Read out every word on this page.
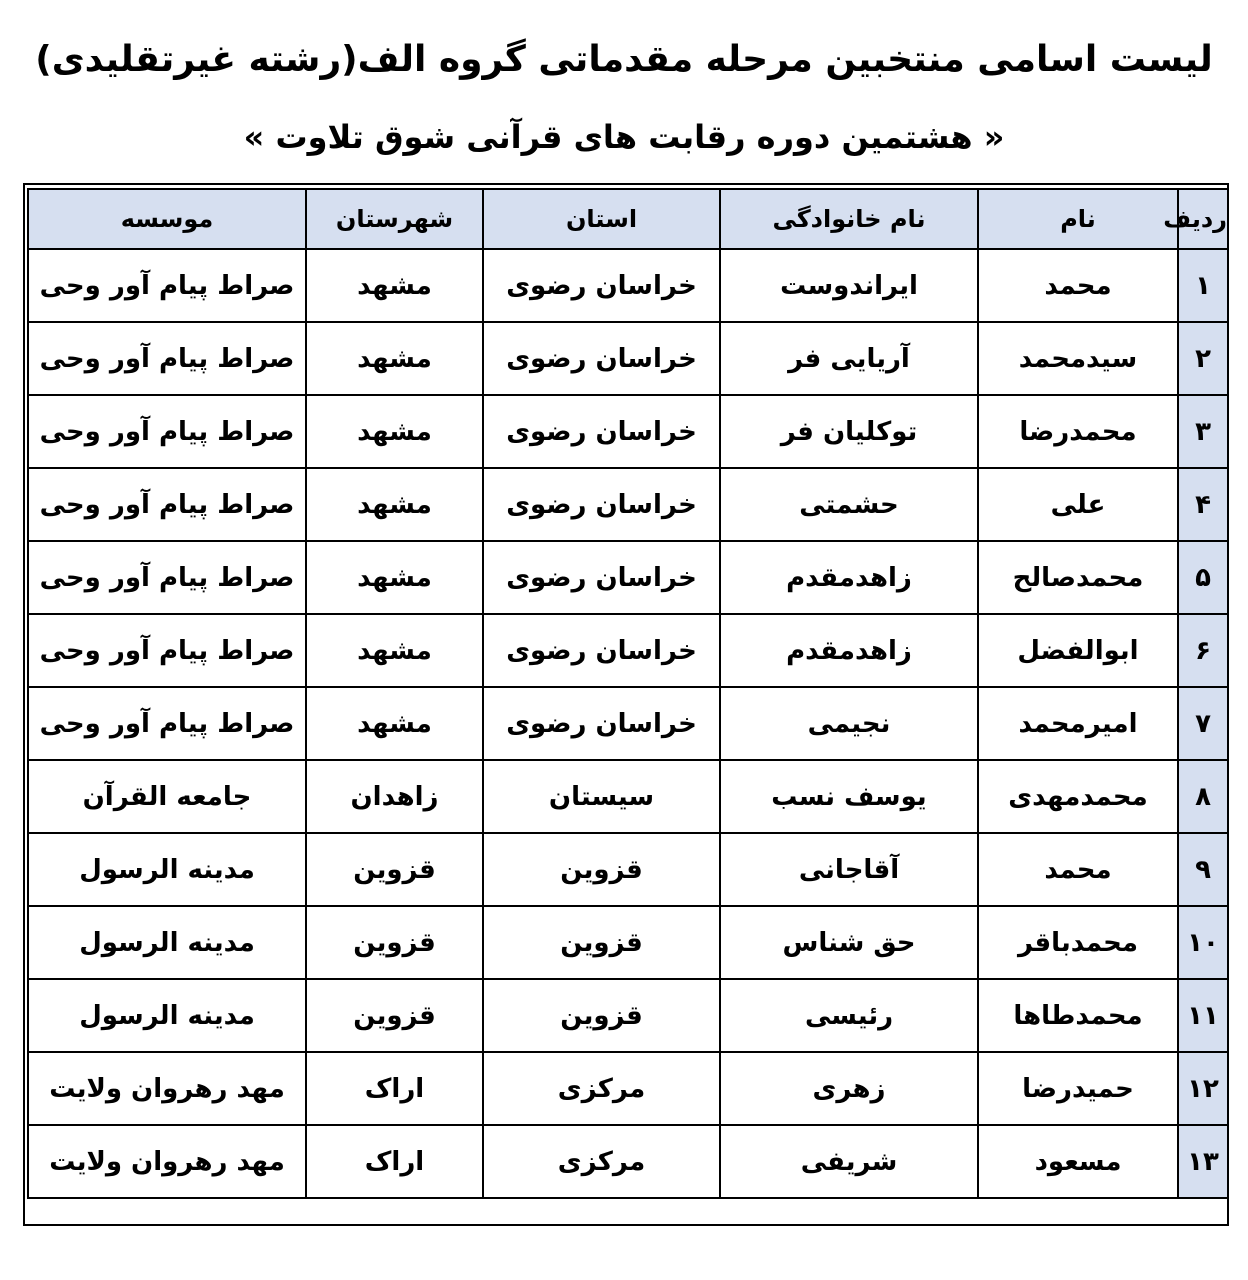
لیست اسامی منتخبین مرحله مقدماتی گروه الف(رشته غیرتقلیدی)
« هشتمین دوره رقابت های قرآنی شوق تلاوت »
ردیف	نام	نام خانوادگی	استان	شهرستان	موسسه
۱	محمد	ایراندوست	خراسان رضوی	مشهد	صراط پیام آور وحی
۲	سیدمحمد	آریایی فر	خراسان رضوی	مشهد	صراط پیام آور وحی
۳	محمدرضا	توکلیان فر	خراسان رضوی	مشهد	صراط پیام آور وحی
۴	علی	حشمتی	خراسان رضوی	مشهد	صراط پیام آور وحی
۵	محمدصالح	زاهدمقدم	خراسان رضوی	مشهد	صراط پیام آور وحی
۶	ابوالفضل	زاهدمقدم	خراسان رضوی	مشهد	صراط پیام آور وحی
۷	امیرمحمد	نجیمی	خراسان رضوی	مشهد	صراط پیام آور وحی
۸	محمدمهدی	یوسف نسب	سیستان	زاهدان	جامعه القرآن
۹	محمد	آقاجانی	قزوین	قزوین	مدینه الرسول
۱۰	محمدباقر	حق شناس	قزوین	قزوین	مدینه الرسول
۱۱	محمدطاها	رئیسی	قزوین	قزوین	مدینه الرسول
۱۲	حمیدرضا	زهری	مرکزی	اراک	مهد رهروان ولایت
۱۳	مسعود	شریفی	مرکزی	اراک	مهد رهروان ولایت
